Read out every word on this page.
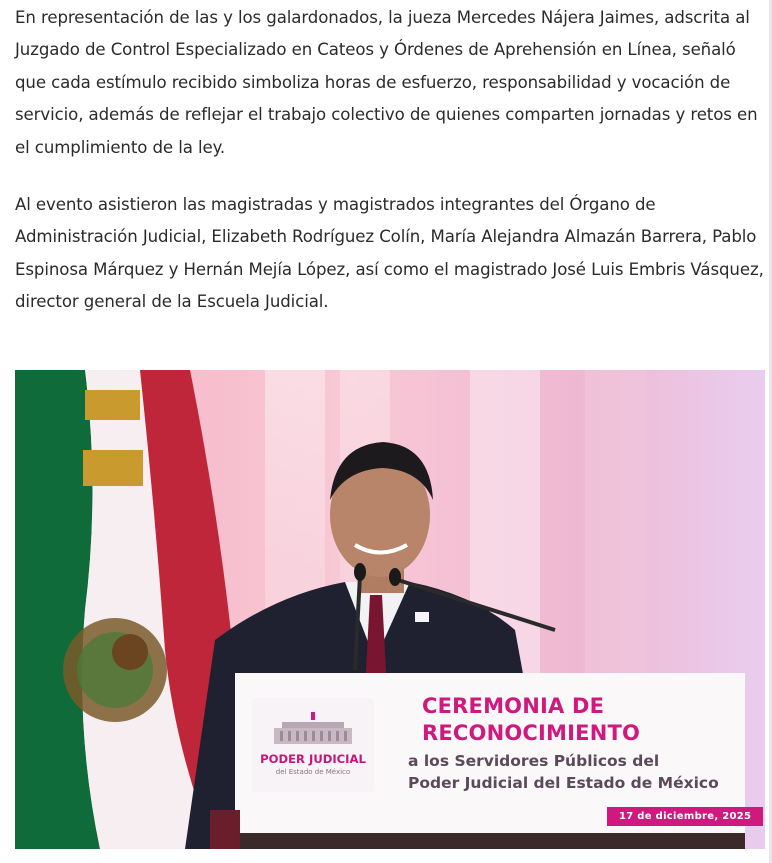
En representación de las y los galardonados, la jueza Mercedes Nájera Jaimes, adscrita al Juzgado de Control Especializado en Cateos y Órdenes de Aprehensión en Línea, señaló que cada estímulo recibido simboliza horas de esfuerzo, responsabilidad y vocación de servicio, además de reflejar el trabajo colectivo de quienes comparten jornadas y retos en el cumplimiento de la ley.

Al evento asistieron las magistradas y magistrados integrantes del Órgano de Administración Judicial, Elizabeth Rodríguez Colín, María Alejandra Almazán Barrera, Pablo Espinosa Márquez y Hernán Mejía López, así como el magistrado José Luis Embris Vásquez, director general de la Escuela Judicial.

PODER JUDICIAL
del Estado de México
CEREMONIA DE
RECONOCIMIENTO
a los Servidores Públicos del
Poder Judicial del Estado de México
17 de diciembre, 2025
